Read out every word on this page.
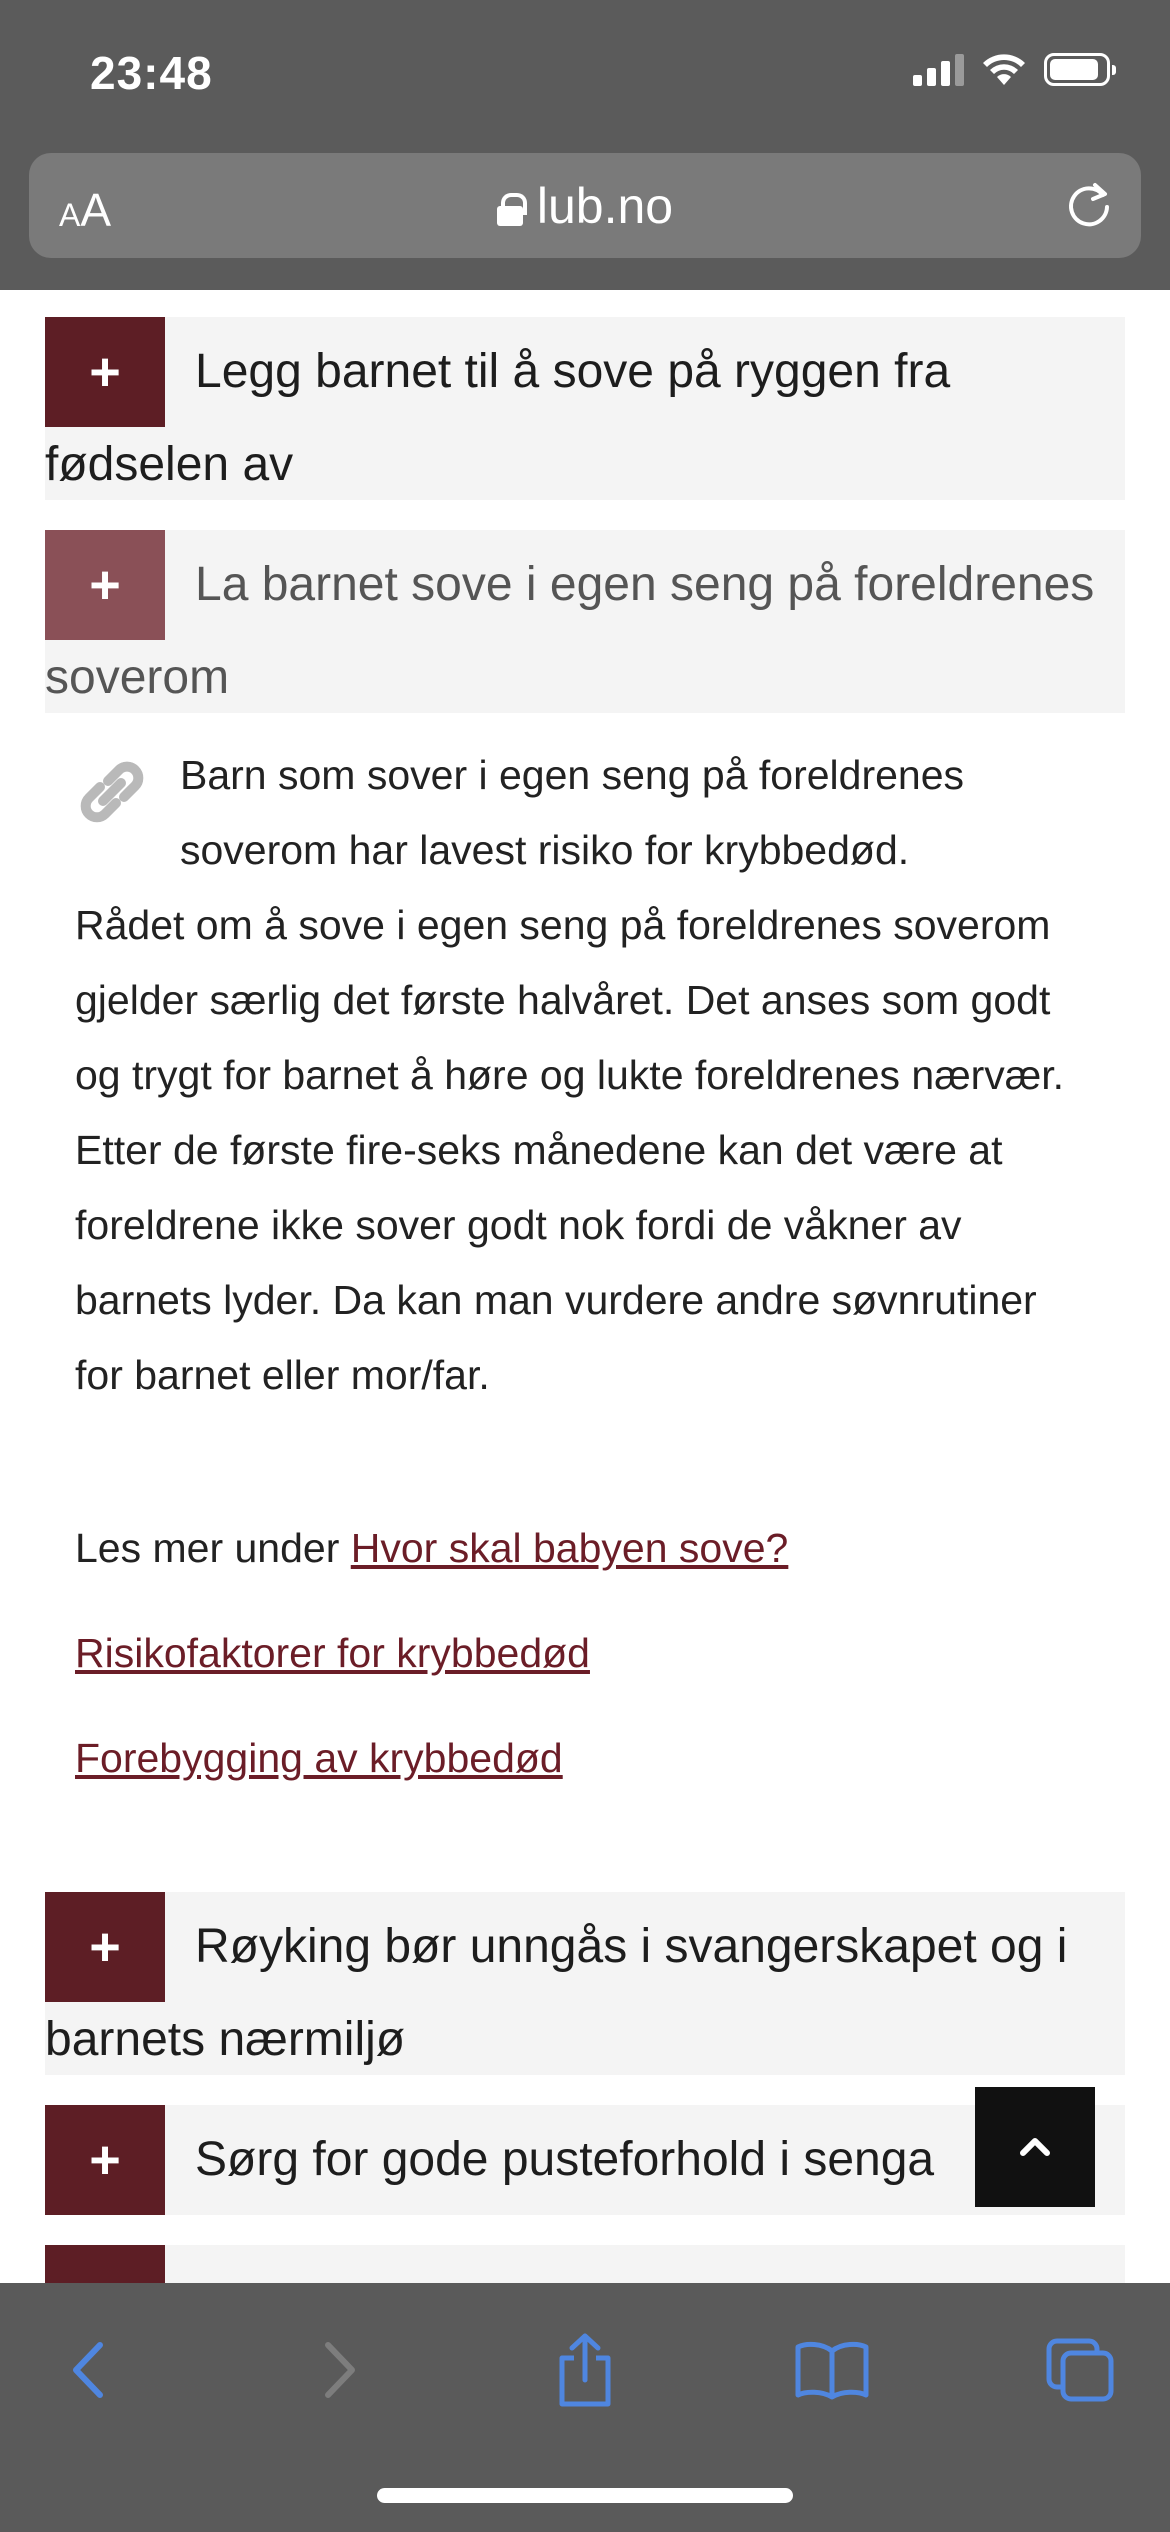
23:48
AA	lub.no
+	Legg barnet til å sove på ryggen fra fødselen av
+	La barnet sove i egen seng på foreldrenes soverom
Barn som sover i egen seng på foreldrenes soverom har lavest risiko for krybbedød.
Rådet om å sove i egen seng på foreldrenes soverom gjelder særlig det første halvåret. Det anses som godt og trygt for barnet å høre og lukte foreldrenes nærvær. Etter de første fire-seks månedene kan det være at foreldrene ikke sover godt nok fordi de våkner av barnets lyder. Da kan man vurdere andre søvnrutiner for barnet eller mor/far.
Les mer under Hvor skal babyen sove?
Risikofaktorer for krybbedød
Forebygging av krybbedød
+	Røyking bør unngås i svangerskapet og i barnets nærmiljø
+	Sørg for gode pusteforhold i senga
